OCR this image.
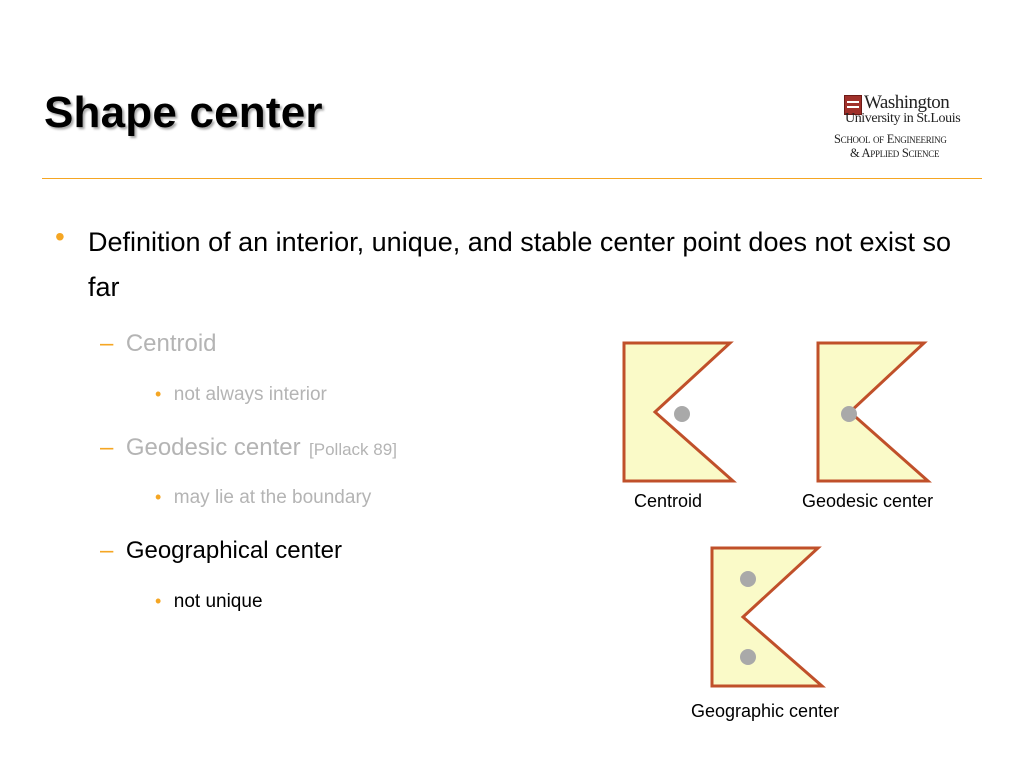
Shape center	Washington
University in St.Louis
School of Engineering
& Applied Science
• Definition of an interior, unique, and stable center point does not exist so far
– Centroid
• not always interior
– Geodesic center [Pollack 89]
• may lie at the boundary
– Geographical center
• not unique
Centroid	Geodesic center
Geographic center
